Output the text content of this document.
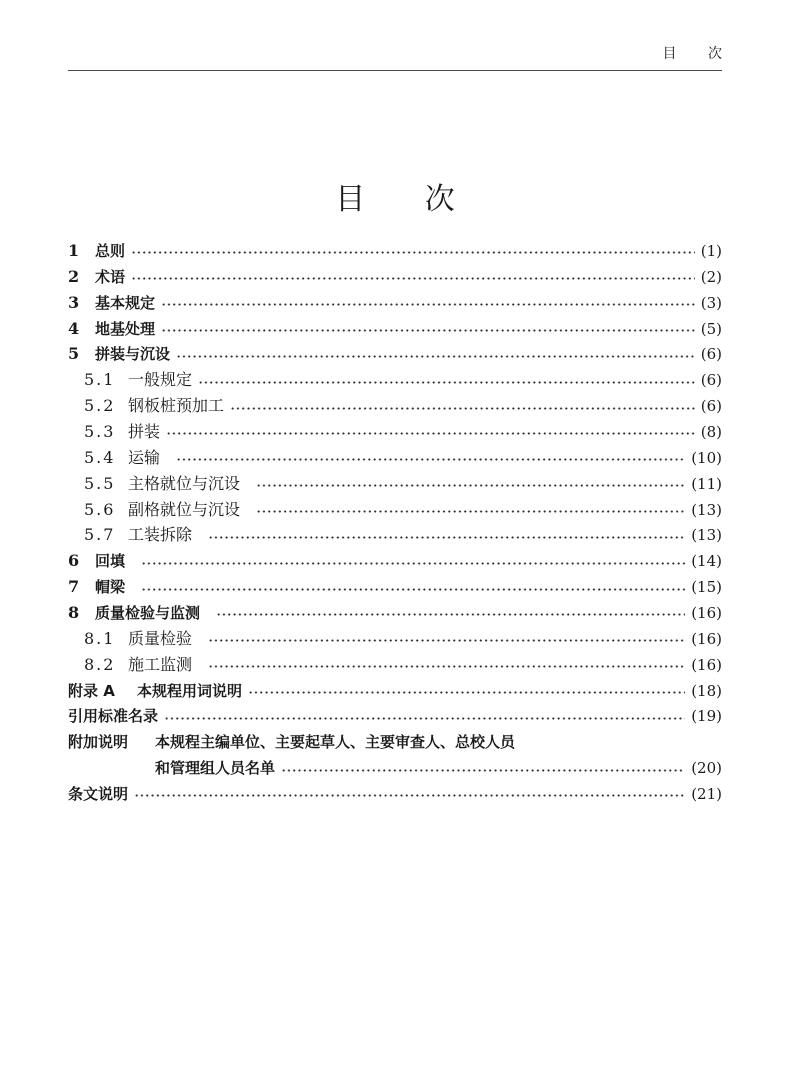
目 次
目 次
1	总则	(1)
2	术语	(2)
3	基本规定	(3)
4	地基处理	(5)
5	拼装与沉设	(6)
5.1 一般规定	(6)
5.2 钢板桩预加工	(6)
5.3 拼装	(8)
5.4 运输	(10)
5.5 主格就位与沉设	(11)
5.6 副格就位与沉设	(13)
5.7 工装拆除	(13)
6	回填	(14)
7	帽梁	(15)
8	质量检验与监测	(16)
8.1 质量检验	(16)
8.2 施工监测	(16)
附录 A	本规程用词说明	(18)
引用标准名录	(19)
附加说明	本规程主编单位、主要起草人、主要审查人、总校人员
和管理组人员名单	(20)
条文说明	(21)
